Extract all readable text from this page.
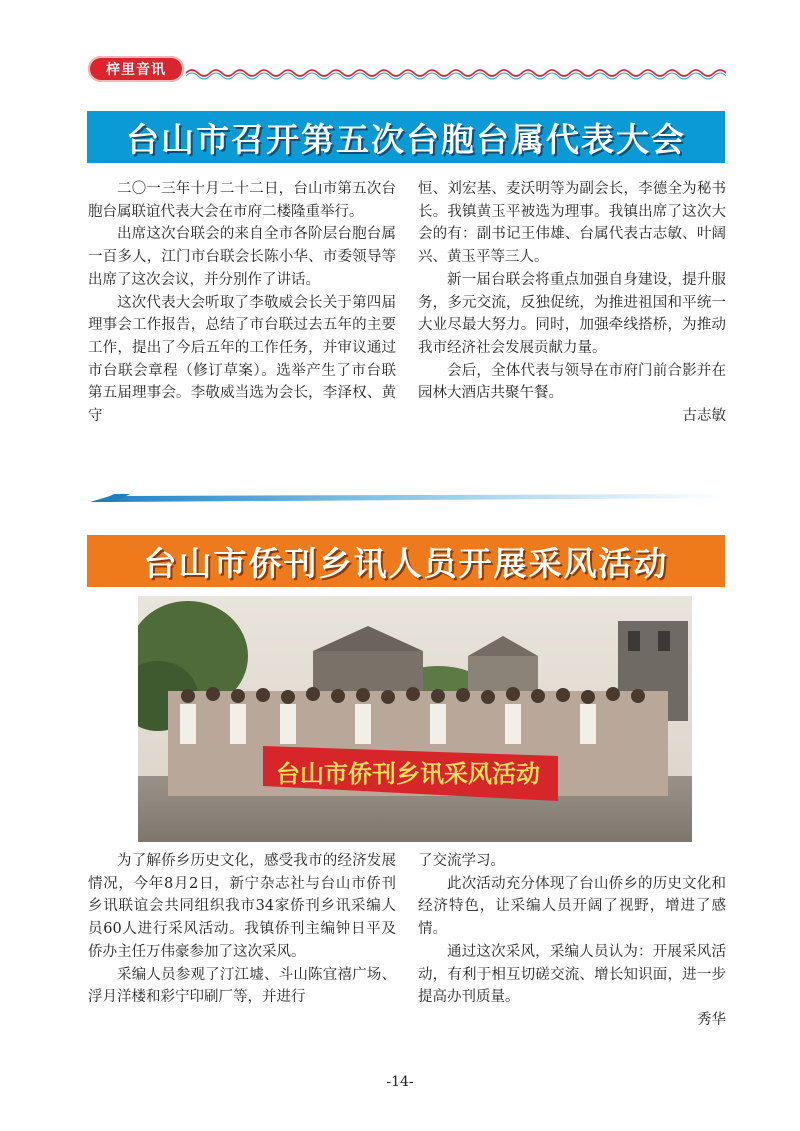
梓里音讯
台山市召开第五次台胞台属代表大会

二〇一三年十月二十二日，台山市第五次台胞台属联谊代表大会在市府二楼隆重举行。

出席这次台联会的来自全市各阶层台胞台属一百多人，江门市台联会长陈小华、市委领导等出席了这次会议，并分别作了讲话。

这次代表大会听取了李敬威会长关于第四届理事会工作报告，总结了市台联过去五年的主要工作，提出了今后五年的工作任务，并审议通过市台联会章程（修订草案）。选举产生了市台联第五届理事会。李敬威当选为会长，李泽权、黄守

恒、刘宏基、麦沃明等为副会长，李德全为秘书长。我镇黄玉平被选为理事。我镇出席了这次大会的有：副书记王伟雄、台属代表古志敏、叶阔兴、黄玉平等三人。

新一届台联会将重点加强自身建设，提升服务，多元交流，反独促统，为推进祖国和平统一大业尽最大努力。同时，加强牵线搭桥，为推动我市经济社会发展贡献力量。

会后，全体代表与领导在市府门前合影并在园林大酒店共聚午餐。

古志敏
台山市侨刊乡讯人员开展采风活动
台山市侨刊乡讯采风活动

为了解侨乡历史文化，感受我市的经济发展情况，今年8月2日，新宁杂志社与台山市侨刊乡讯联谊会共同组织我市34家侨刊乡讯采编人员60人进行采风活动。我镇侨刊主编钟日平及侨办主任万伟豪参加了这次采风。

采编人员参观了汀江墟、斗山陈宜禧广场、浮月洋楼和彩宁印刷厂等，并进行

了交流学习。

此次活动充分体现了台山侨乡的历史文化和经济特色，让采编人员开阔了视野，增进了感情。

通过这次采风，采编人员认为：开展采风活动，有利于相互切磋交流、增长知识面，进一步提高办刊质量。

秀华
-14-
